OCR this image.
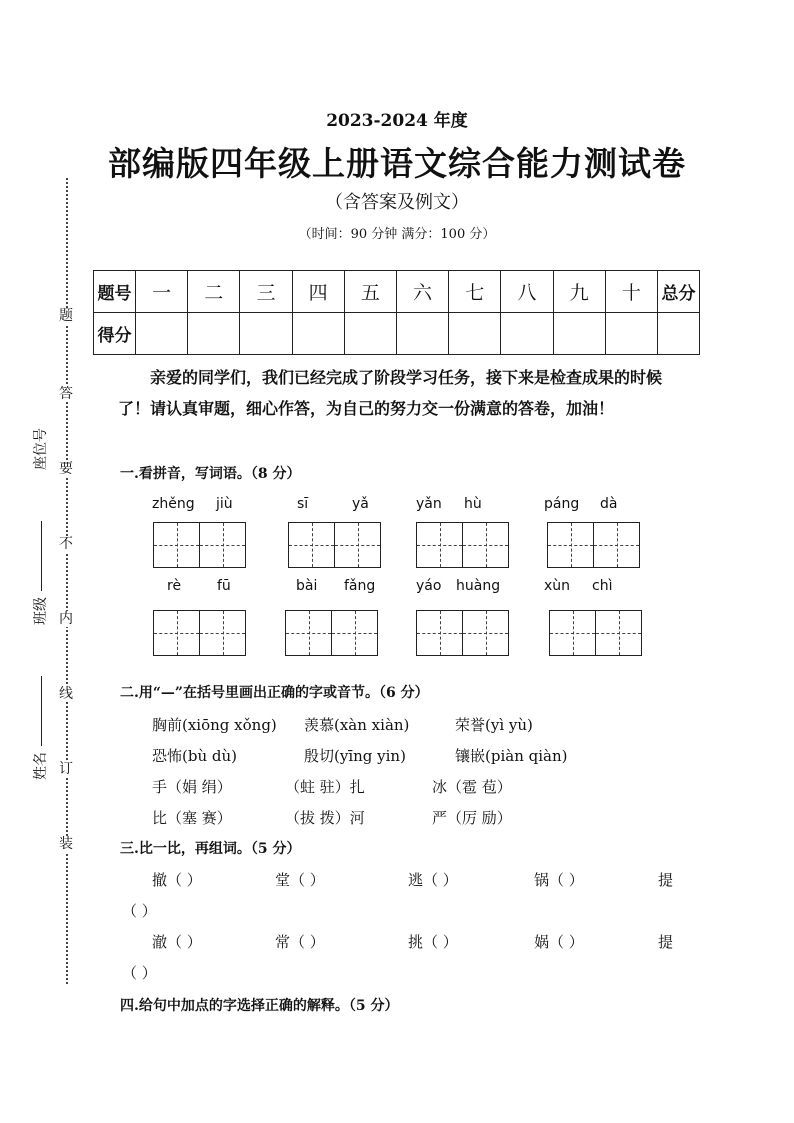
2023-2024 年度
部编版四年级上册语文综合能力测试卷
（含答案及例文）
（时间：90 分钟 满分：100 分）
题
答
要
不
内
线
订
装
座位号
班级
姓名
题号	一	二	三	四	五	六	七	八	九	十	总分
得分											
亲爱的同学们，我们已经完成了阶段学习任务，接下来是检查成果的时候了！请认真审题，细心作答，为自己的努力交一份满意的答卷，加油！
一.看拼音，写词语。（8 分）
zhěng jiù	sī	yǎ	yǎn hù	páng dà
rè	fū	bài fǎng	yáo huàng	xùn chì
二.用“—”在括号里画出正确的字或音节。（6 分）
胸前(xiōng xǒng) 羡慕(xàn xiàn)	荣誉(yì yù)
恐怖(bù dù)	殷切(yīng yin)	镶嵌(piàn qiàn)
手（娟 绢）	（蛀 驻）扎	冰（雹 苞）
比（塞 赛）	（拔 拨）河	严（厉 励）
三.比一比，再组词。（5 分）
撤（ ）	堂（ ）	逃（ ）	锅（ ）	提
（ ）
澈（ ）	常（ ）	挑（ ）	娲（ ）	提
（ ）
四.给句中加点的字选择正确的解释。（5 分）
